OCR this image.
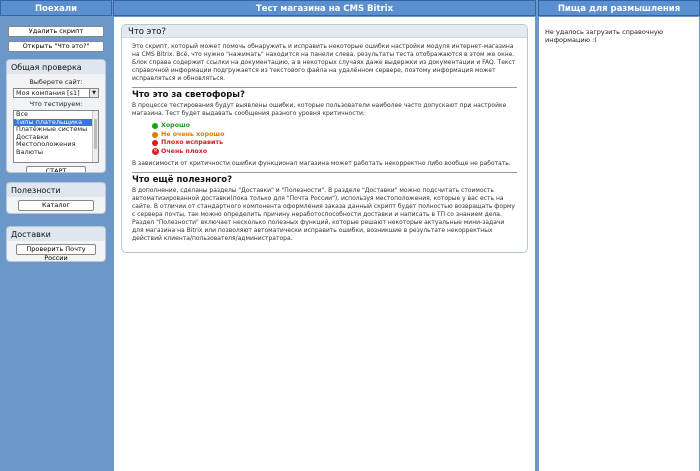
Поехали
Удалить скрипт
Открыть "Что это?"
Общая проверка
Выберете сайт:
Моя компания [s1]	▼
Что тестируем:
Все
Типы плательщика
Платёжные системы
Доставки
Местоположения
Валюты
СТАРТ
Полезности
Каталог
Доставки
Проверить Почту России
Тест магазина на CMS Bitrix
Что это?

Это скрипт, который может помочь обнаружить и исправить некоторые ошибки настройки модуля интернет-магазина на CMS Bitrix. Всё, что нужно "нажимать" находится на панели слева, результаты теста отображаются в этом же окне. Блок справа содержит ссылки на документацию, а в некоторых случаях даже выдержки из документации и FAQ. Текст справочной информации подгружается из текстового файла на удалённом сервере, поэтому информация может исправляться и обновляться.

Что это за светофоры?

В процессе тестирования будут выявлены ошибки, которые пользователи наиболее часто допускают при настройке магазина. Тест будет выдавать сообщения разного уровня критичности:

Хорошо
Не очень хорошо
Плохо исправить
✕ Очень плохо

В зависимости от критичности ошибки функционал магазина может работать некорректно либо вообще не работать.

Что ещё полезного?

В дополнение, сделаны разделы "Доставки" и "Полезности". В разделе "Доставки" можно подсчитать стоимость автоматизированной доставки(пока только для "Почта России"), используя местоположения, которые у вас есть на сайте. В отличии от стандартного компонента оформления заказа данный скрипт будет полностью возвращать форму с сервера почты, так можно определить причину неработоспособности доставки и написать в ТП со знанием дела. Раздел "Полезности" включает несколько полезных функций, которые решают некоторые актуальные мини-задачи для магазина на Bitrix или позволяют автоматически исправить ошибки, возникшие в результате некорректных действий клиента/пользователя/администратора.

Пища для размышления
Не удалось загрузить справочную информацию :(
